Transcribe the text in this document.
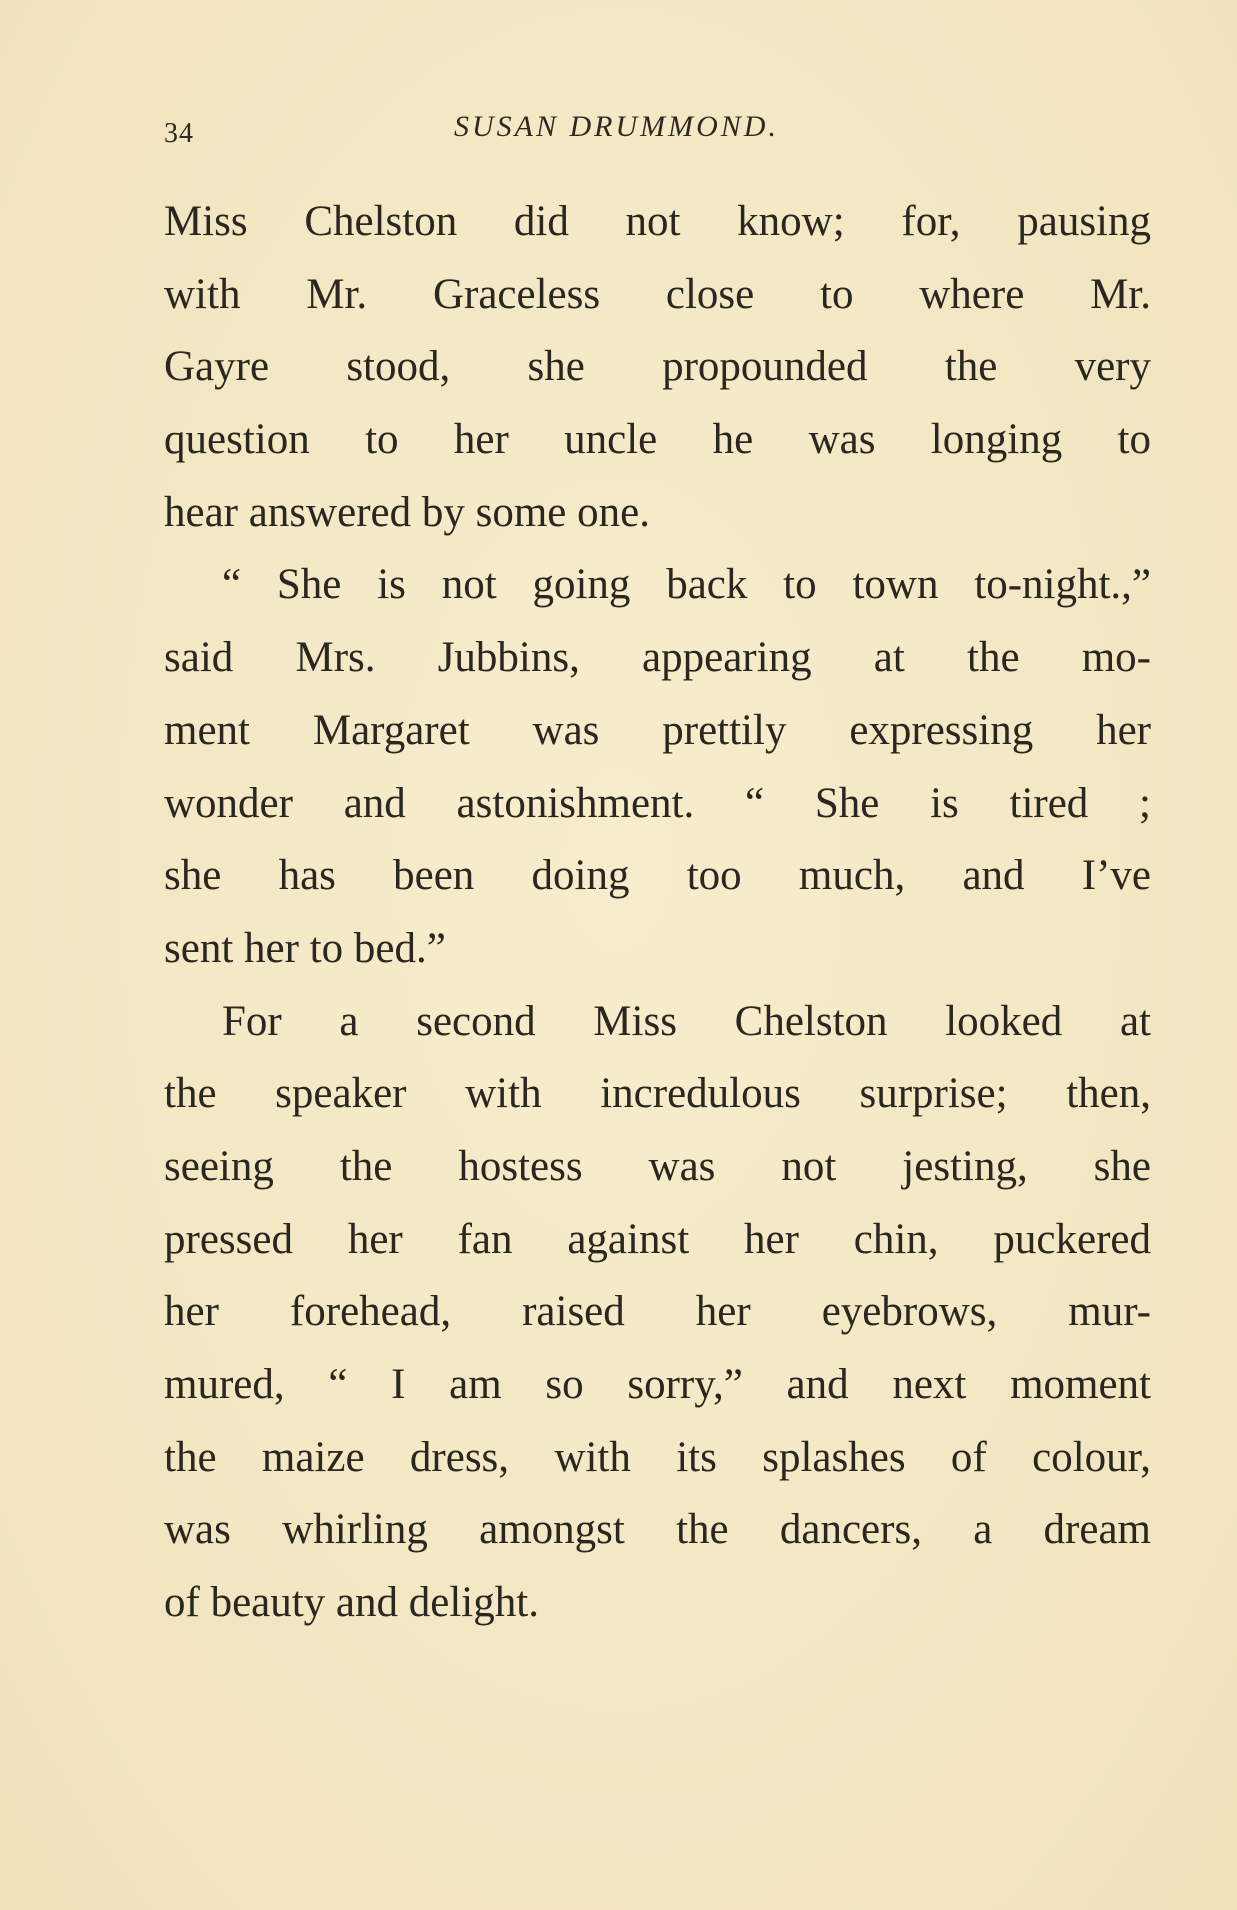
34	SUSAN DRUMMOND.
Miss Chelston did not know; for, pausing
with Mr. Graceless close to where Mr.
Gayre stood, she propounded the very
question to her uncle he was longing to
hear answered by some one.
“ She is not going back to town to-night.,”
said Mrs. Jubbins, appearing at the mo-
ment Margaret was prettily expressing her
wonder and astonishment. “ She is tired ;
she has been doing too much, and I’ve
sent her to bed.”
For a second Miss Chelston looked at
the speaker with incredulous surprise; then,
seeing the hostess was not jesting, she
pressed her fan against her chin, puckered
her forehead, raised her eyebrows, mur-
mured, “ I am so sorry,” and next moment
the maize dress, with its splashes of colour,
was whirling amongst the dancers, a dream
of beauty and delight.
